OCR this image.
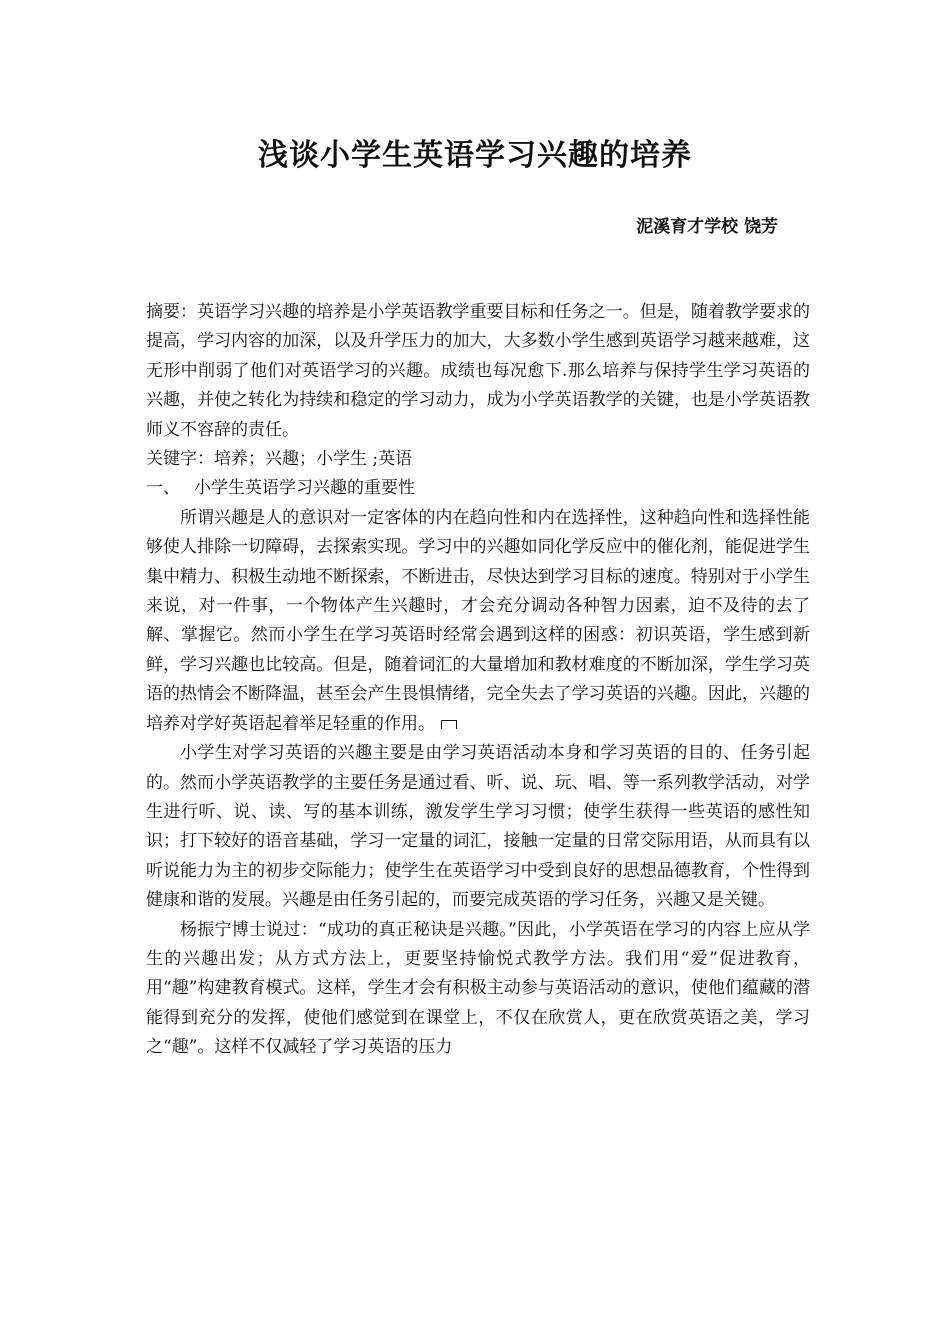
浅谈小学生英语学习兴趣的培养

泥溪育才学校 饶芳

摘要：英语学习兴趣的培养是小学英语教学重要目标和任务之一。但是，随着教学要求的提高，学习内容的加深，以及升学压力的加大，大多数小学生感到英语学习越来越难，这无形中削弱了他们对英语学习的兴趣。成绩也每况愈下.那么培养与保持学生学习英语的兴趣，并使之转化为持续和稳定的学习动力，成为小学英语教学的关键，也是小学英语教师义不容辞的责任。

关键字：培养；兴趣；小学生 ;英语

一、 小学生英语学习兴趣的重要性

所谓兴趣是人的意识对一定客体的内在趋向性和内在选择性，这种趋向性和选择性能够使人排除一切障碍，去探索实现。学习中的兴趣如同化学反应中的催化剂，能促进学生集中精力、积极生动地不断探索，不断进击，尽快达到学习目标的速度。特别对于小学生来说，对一件事，一个物体产生兴趣时，才会充分调动各种智力因素，迫不及待的去了解、掌握它。然而小学生在学习英语时经常会遇到这样的困惑：初识英语，学生感到新鲜，学习兴趣也比较高。但是，随着词汇的大量增加和教材难度的不断加深，学生学习英语的热情会不断降温，甚至会产生畏惧情绪，完全失去了学习英语的兴趣。因此，兴趣的培养对学好英语起着举足轻重的作用。

小学生对学习英语的兴趣主要是由学习英语活动本身和学习英语的目的、任务引起的。然而小学英语教学的主要任务是通过看、听、说、玩、唱、等一系列教学活动，对学生进行听、说、读、写的基本训练，激发学生学习习惯；使学生获得一些英语的感性知识；打下较好的语音基础，学习一定量的词汇，接触一定量的日常交际用语，从而具有以听说能力为主的初步交际能力；使学生在英语学习中受到良好的思想品德教育，个性得到健康和谐的发展。兴趣是由任务引起的，而要完成英语的学习任务，兴趣又是关键。

杨振宁博士说过：“成功的真正秘诀是兴趣。”因此，小学英语在学习的内容上应从学生的兴趣出发；从方式方法上，更要坚持愉悦式教学方法。我们用“爱”促进教育，用“趣”构建教育模式。这样，学生才会有积极主动参与英语活动的意识，使他们蕴藏的潜能得到充分的发挥，使他们感觉到在课堂上，不仅在欣赏人，更在欣赏英语之美，学习之“趣”。这样不仅减轻了学习英语的压力
